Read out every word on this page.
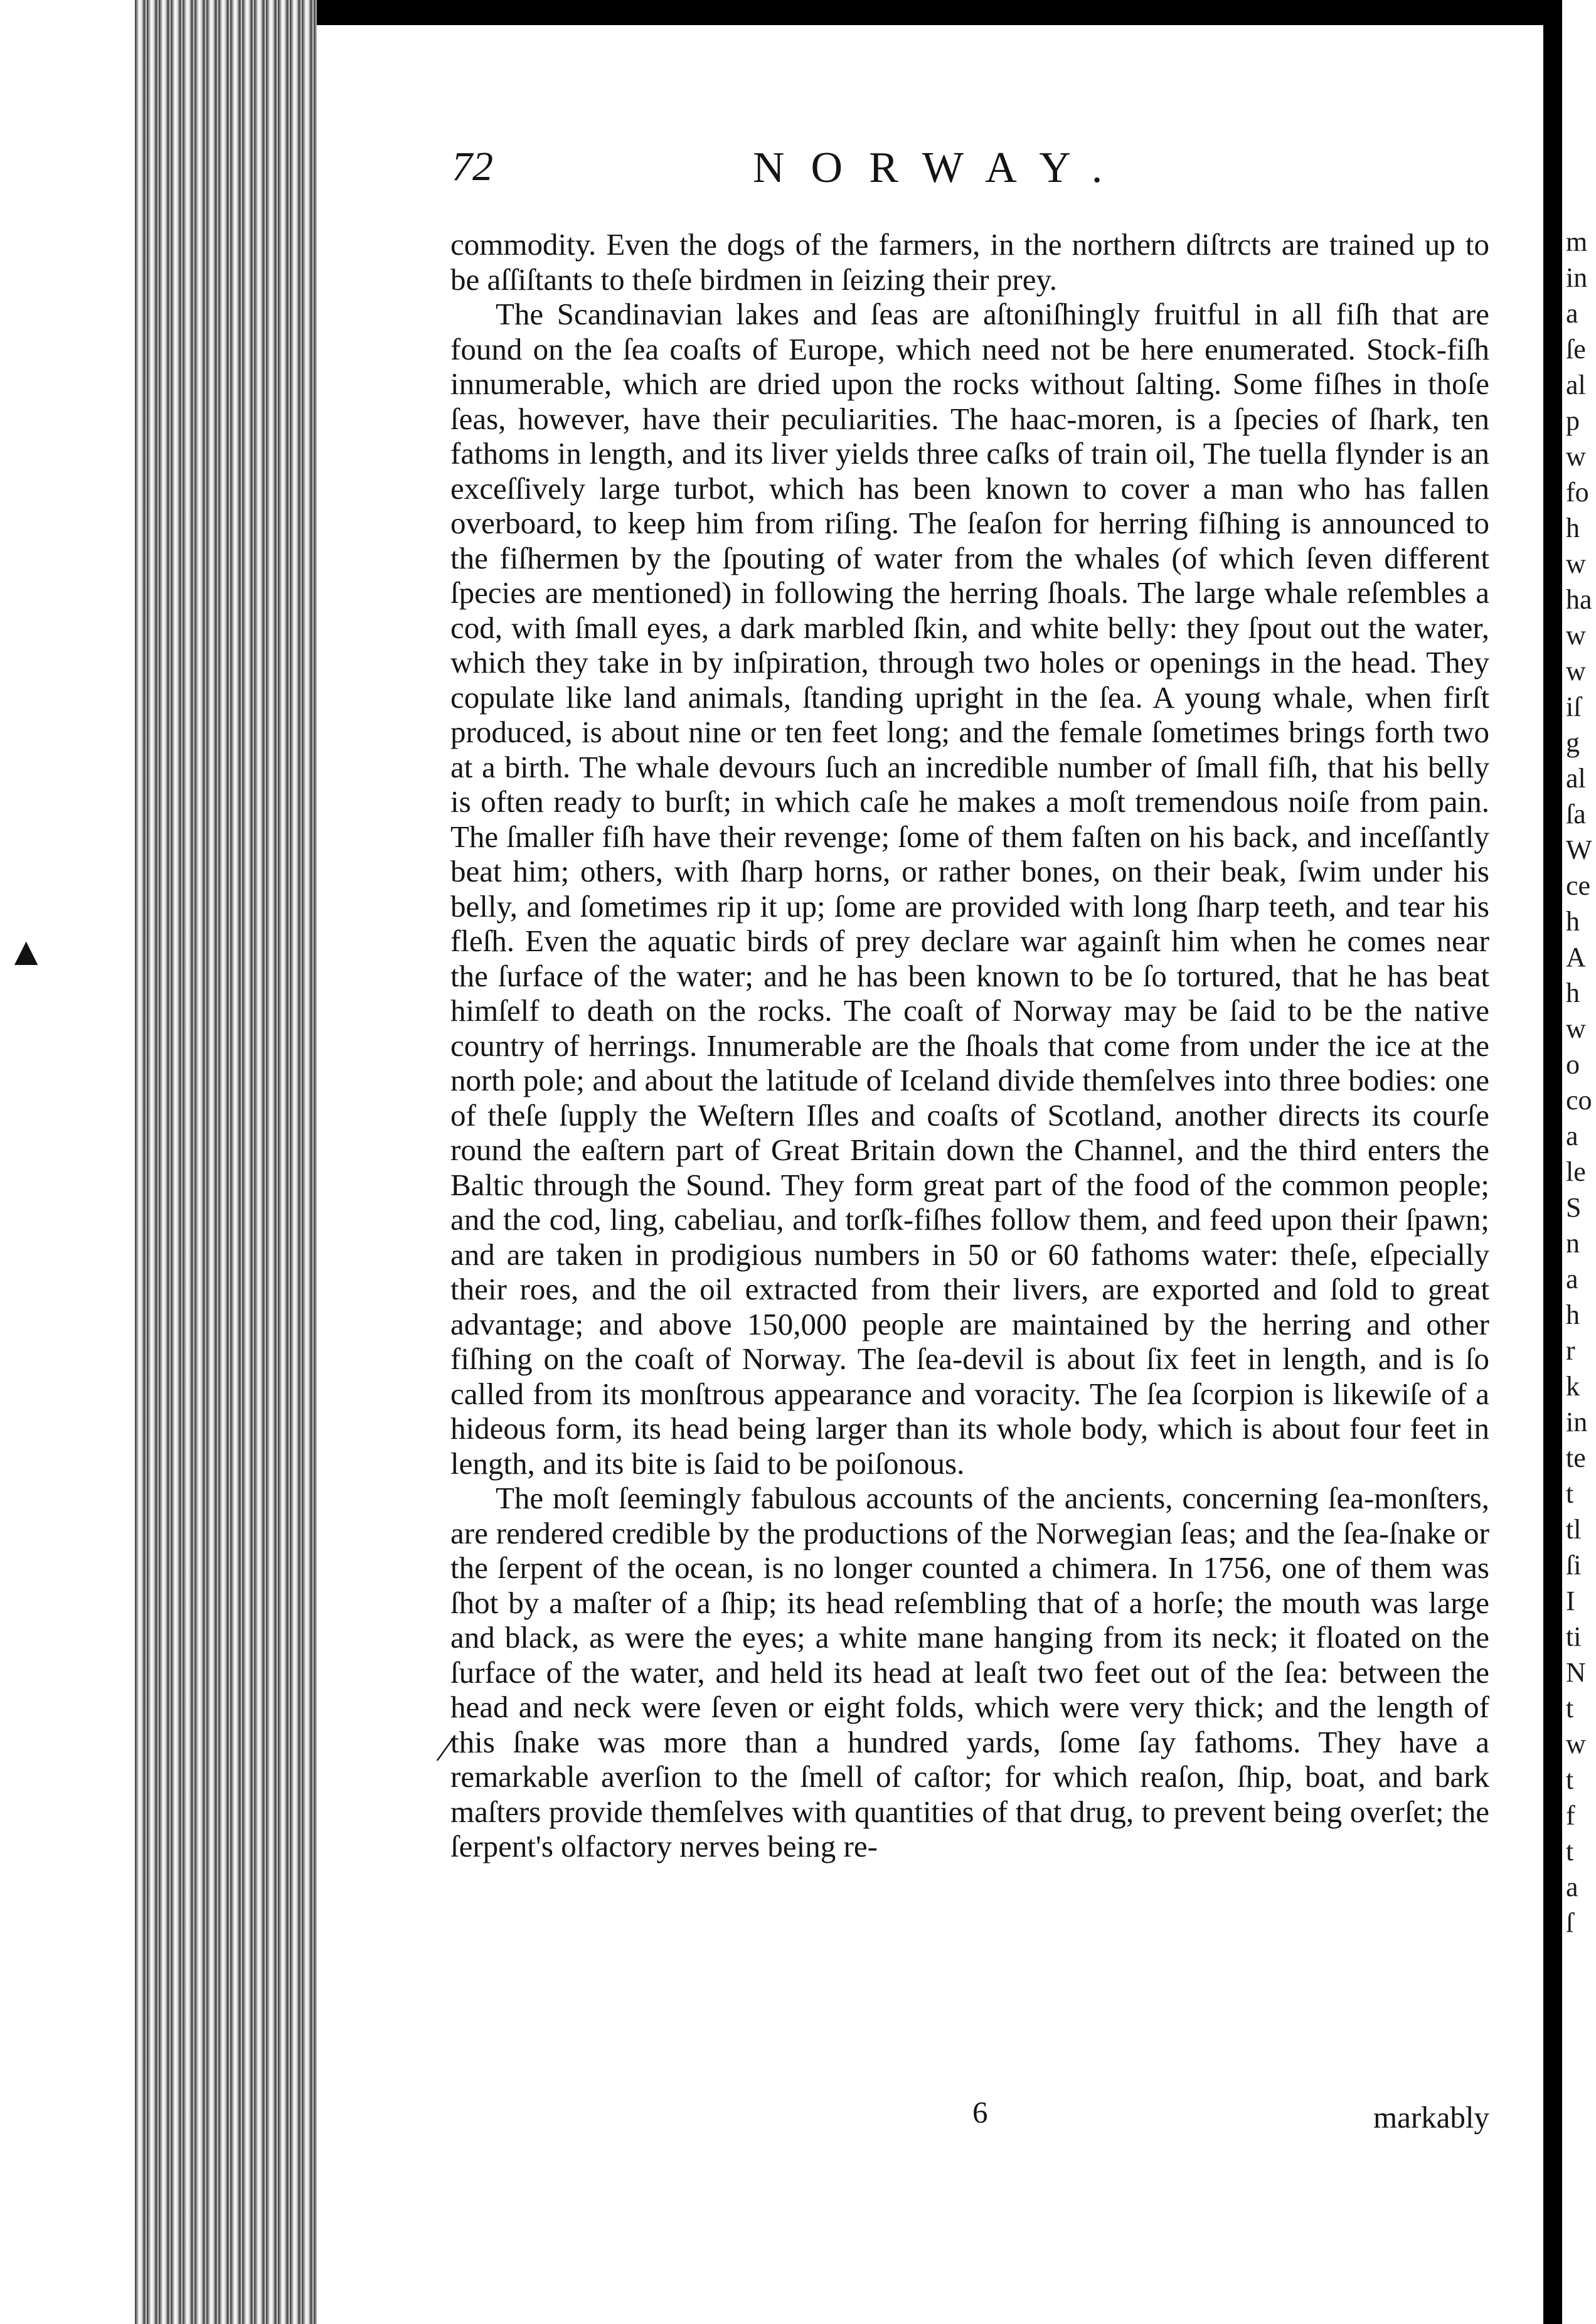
72	NORWAY.

commodity. Even the dogs of the farmers, in the northern diſtrcts are trained up to be aſſiſtants to theſe birdmen in ſeizing their prey.

The Scandinavian lakes and ſeas are aſtoniſhingly fruitful in all fiſh that are found on the ſea coaſts of Europe, which need not be here enumerated. Stock-fiſh innumerable, which are dried upon the rocks without ſalting. Some fiſhes in thoſe ſeas, however, have their peculiarities. The haac-moren, is a ſpecies of ſhark, ten fathoms in length, and its liver yields three caſks of train oil, The tuella flynder is an exceſſively large turbot, which has been known to cover a man who has fallen overboard, to keep him from riſing. The ſeaſon for herring fiſhing is announced to the fiſhermen by the ſpouting of water from the whales (of which ſeven different ſpecies are mentioned) in following the herring ſhoals. The large whale reſembles a cod, with ſmall eyes, a dark marbled ſkin, and white belly: they ſpout out the water, which they take in by inſpiration, through two holes or openings in the head. They copulate like land animals, ſtanding upright in the ſea. A young whale, when firſt produced, is about nine or ten feet long; and the female ſometimes brings forth two at a birth. The whale devours ſuch an incredible number of ſmall fiſh, that his belly is often ready to burſt; in which caſe he makes a moſt tremendous noiſe from pain. The ſmaller fiſh have their revenge; ſome of them faſten on his back, and inceſſantly beat him; others, with ſharp horns, or rather bones, on their beak, ſwim under his belly, and ſometimes rip it up; ſome are provided with long ſharp teeth, and tear his fleſh. Even the aquatic birds of prey declare war againſt him when he comes near the ſurface of the water; and he has been known to be ſo tortured, that he has beat himſelf to death on the rocks. The coaſt of Norway may be ſaid to be the native country of herrings. Innumerable are the ſhoals that come from under the ice at the north pole; and about the latitude of Iceland divide themſelves into three bodies: one of theſe ſupply the Weſtern Iſles and coaſts of Scotland, another directs its courſe round the eaſtern part of Great Britain down the Channel, and the third enters the Baltic through the Sound. They form great part of the food of the common people; and the cod, ling, cabeliau, and torſk-fiſhes follow them, and feed upon their ſpawn; and are taken in prodigious numbers in 50 or 60 fathoms water: theſe, eſpecially their roes, and the oil extracted from their livers, are exported and ſold to great advantage; and above 150,000 people are maintained by the herring and other fiſhing on the coaſt of Norway. The ſea-devil is about ſix feet in length, and is ſo called from its monſtrous appearance and voracity. The ſea ſcorpion is likewiſe of a hideous form, its head being larger than its whole body, which is about four feet in length, and its bite is ſaid to be poiſonous.

The moſt ſeemingly fabulous accounts of the ancients, concerning ſea-monſters, are rendered credible by the productions of the Norwegian ſeas; and the ſea-ſnake or the ſerpent of the ocean, is no longer counted a chimera. In 1756, one of them was ſhot by a maſter of a ſhip; its head reſembling that of a horſe; the mouth was large and black, as were the eyes; a white mane hanging from its neck; it floated on the ſurface of the water, and held its head at leaſt two feet out of the ſea: between the head and neck were ſeven or eight folds, which were very thick; and the length of this ſnake was more than a hundred yards, ſome ſay fathoms. They have a remarkable averſion to the ſmell of caſtor; for which reaſon, ſhip, boat, and bark maſters provide themſelves with quantities of that drug, to prevent being overſet; the ſerpent's olfactory nerves being re-

6	markably
▲
⁄
m
in
a
ſe
al
p
w
fo
h
w
ha
w
w
iſ
g
al
ſa
W
ce
h
A
h
w
o
co
a
le
S
n
a
h
r
k
in
te
t
tl
ſi
I
ti
N
t
w
t
f
t
a
ſ
